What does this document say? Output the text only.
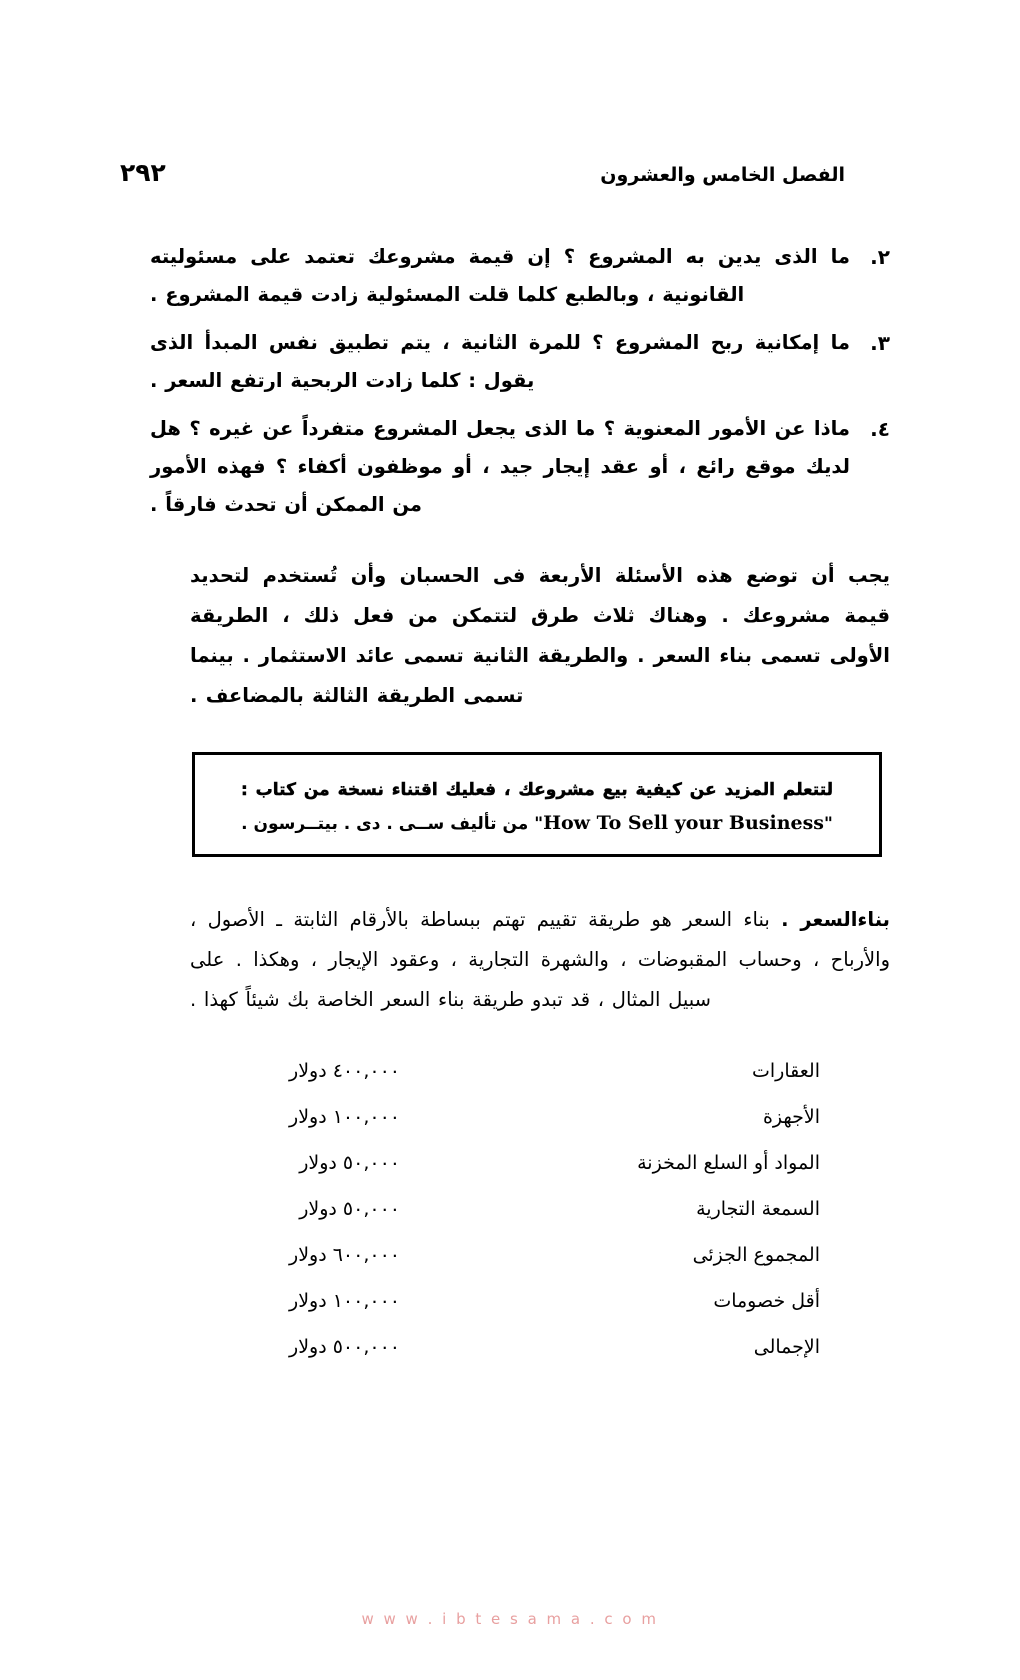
٢٩٢	الفصل الخامس والعشرون
٢.
ما الذى يدين به المشروع ؟ إن قيمة مشروعك تعتمد على مسئوليته القانونية ، وبالطبع كلما قلت المسئولية زادت قيمة المشروع .
٣.
ما إمكانية ربح المشروع ؟ للمرة الثانية ، يتم تطبيق نفس المبدأ الذى يقول : كلما زادت الربحية ارتفع السعر .
٤.
ماذا عن الأمور المعنوية ؟ ما الذى يجعل المشروع متفرداً عن غيره ؟ هل لديك موقع رائع ، أو عقد إيجار جيد ، أو موظفون أكفاء ؟ فهذه الأمور من الممكن أن تحدث فارقاً .
يجب أن توضع هذه الأسئلة الأربعة فى الحسبان وأن تُستخدم لتحديد قيمة مشروعك . وهناك ثلاث طرق لتتمكن من فعل ذلك ، الطريقة الأولى تسمى بناء السعر . والطريقة الثانية تسمى عائد الاستثمار . بينما تسمى الطريقة الثالثة بالمضاعف .
لتتعلم المزيد عن كيفية بيع مشروعك ، فعليك اقتناء نسخة من كتاب :
"How To Sell your Business" من تأليف ســى . دى . بيتــرسون .
بناءالسعر . بناء السعر هو طريقة تقييم تهتم ببساطة بالأرقام الثابتة ـ الأصول ، والأرباح ، وحساب المقبوضات ، والشهرة التجارية ، وعقود الإيجار ، وهكذا . على سبيل المثال ، قد تبدو طريقة بناء السعر الخاصة بك شيئاً كهذا .
العقارات
٤٠٠,٠٠٠ دولار
الأجهزة
١٠٠,٠٠٠ دولار
المواد أو السلع المخزنة
٥٠,٠٠٠ دولار
السمعة التجارية
٥٠,٠٠٠ دولار
المجموع الجزئى
٦٠٠,٠٠٠ دولار
أقل خصومات
١٠٠,٠٠٠ دولار
الإجمالى
٥٠٠,٠٠٠ دولار
w w w . i b t e s a m a . c o m
